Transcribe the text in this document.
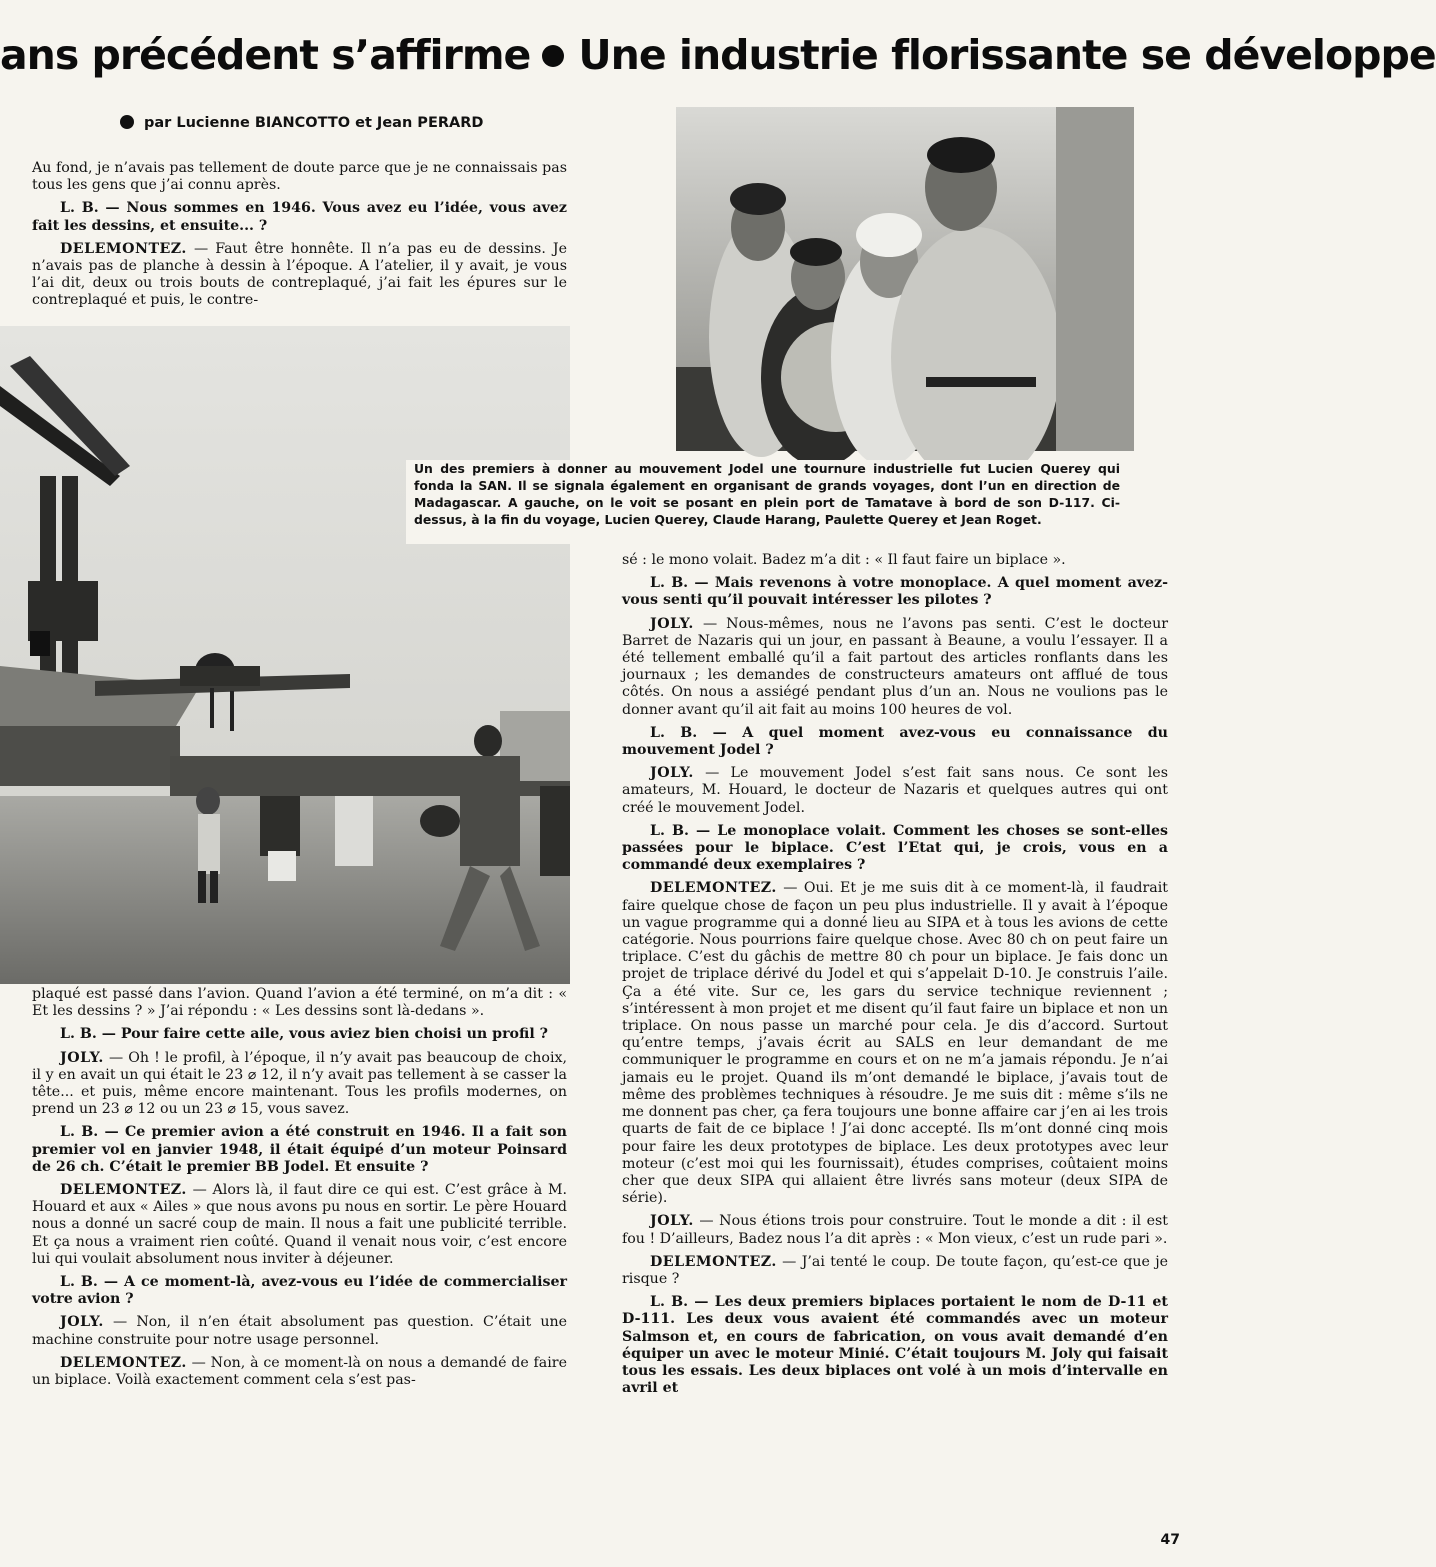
ans précédent s’affirme Une industrie florissante se développe
par Lucienne BIANCOTTO et Jean PERARD
Un des premiers à donner au mouvement Jodel une tournure industrielle fut Lucien Querey qui fonda la SAN. Il se signala également en organisant de grands voyages, dont l’un en direction de Madagascar. A gauche, on le voit se posant en plein port de Tamatave à bord de son D-117. Ci-dessus, à la fin du voyage, Lucien Querey, Claude Harang, Paulette Querey et Jean Roget.

Au fond, je n’avais pas tellement de doute parce que je ne connaissais pas tous les gens que j’ai connu après.

L. B. — Nous sommes en 1946. Vous avez eu l’idée, vous avez fait les dessins, et ensuite... ?

DELEMONTEZ. — Faut être honnête. Il n’a pas eu de dessins. Je n’avais pas de planche à dessin à l’époque. A l’atelier, il y avait, je vous l’ai dit, deux ou trois bouts de contreplaqué, j’ai fait les épures sur le contreplaqué et puis, le contre-

plaqué est passé dans l’avion. Quand l’avion a été terminé, on m’a dit : « Et les dessins ? » J’ai répondu : « Les dessins sont là-dedans ».

L. B. — Pour faire cette aile, vous aviez bien choisi un profil ?

JOLY. — Oh ! le profil, à l’époque, il n’y avait pas beaucoup de choix, il y en avait un qui était le 23 ⌀ 12, il n’y avait pas tellement à se casser la tête... et puis, même encore maintenant. Tous les profils modernes, on prend un 23 ⌀ 12 ou un 23 ⌀ 15, vous savez.

L. B. — Ce premier avion a été construit en 1946. Il a fait son premier vol en janvier 1948, il était équipé d’un moteur Poinsard de 26 ch. C’était le premier BB Jodel. Et ensuite ?

DELEMONTEZ. — Alors là, il faut dire ce qui est. C’est grâce à M. Houard et aux « Ailes » que nous avons pu nous en sortir. Le père Houard nous a donné un sacré coup de main. Il nous a fait une publicité terrible. Et ça nous a vraiment rien coûté. Quand il venait nous voir, c’est encore lui qui voulait absolument nous inviter à déjeuner.

L. B. — A ce moment-là, avez-vous eu l’idée de commercialiser votre avion ?

JOLY. — Non, il n’en était absolument pas question. C’était une machine construite pour notre usage personnel.

DELEMONTEZ. — Non, à ce moment-là on nous a demandé de faire un biplace. Voilà exactement comment cela s’est pas-

sé : le mono volait. Badez m’a dit : « Il faut faire un biplace ».

L. B. — Mais revenons à votre monoplace. A quel moment avez-vous senti qu’il pouvait intéresser les pilotes ?

JOLY. — Nous-mêmes, nous ne l’avons pas senti. C’est le docteur Barret de Nazaris qui un jour, en passant à Beaune, a voulu l’essayer. Il a été tellement emballé qu’il a fait partout des articles ronflants dans les journaux ; les demandes de constructeurs amateurs ont afflué de tous côtés. On nous a assiégé pendant plus d’un an. Nous ne voulions pas le donner avant qu’il ait fait au moins 100 heures de vol.

L. B. — A quel moment avez-vous eu connaissance du mouvement Jodel ?

JOLY. — Le mouvement Jodel s’est fait sans nous. Ce sont les amateurs, M. Houard, le docteur de Nazaris et quelques autres qui ont créé le mouvement Jodel.

L. B. — Le monoplace volait. Comment les choses se sont-elles passées pour le biplace. C’est l’Etat qui, je crois, vous en a commandé deux exemplaires ?

DELEMONTEZ. — Oui. Et je me suis dit à ce moment-là, il faudrait faire quelque chose de façon un peu plus industrielle. Il y avait à l’époque un vague programme qui a donné lieu au SIPA et à tous les avions de cette catégorie. Nous pourrions faire quelque chose. Avec 80 ch on peut faire un triplace. C’est du gâchis de mettre 80 ch pour un biplace. Je fais donc un projet de triplace dérivé du Jodel et qui s’appelait D-10. Je construis l’aile. Ça a été vite. Sur ce, les gars du service technique reviennent ; s’intéressent à mon projet et me disent qu’il faut faire un biplace et non un triplace. On nous passe un marché pour cela. Je dis d’accord. Surtout qu’entre temps, j’avais écrit au SALS en leur demandant de me communiquer le programme en cours et on ne m’a jamais répondu. Je n’ai jamais eu le projet. Quand ils m’ont demandé le biplace, j’avais tout de même des problèmes techniques à résoudre. Je me suis dit : même s’ils ne me donnent pas cher, ça fera toujours une bonne affaire car j’en ai les trois quarts de fait de ce biplace ! J’ai donc accepté. Ils m’ont donné cinq mois pour faire les deux prototypes de biplace. Les deux prototypes avec leur moteur (c’est moi qui les fournissait), études comprises, coûtaient moins cher que deux SIPA qui allaient être livrés sans moteur (deux SIPA de série).

JOLY. — Nous étions trois pour construire. Tout le monde a dit : il est fou ! D’ailleurs, Badez nous l’a dit après : « Mon vieux, c’est un rude pari ».

DELEMONTEZ. — J’ai tenté le coup. De toute façon, qu’est-ce que je risque ?

L. B. — Les deux premiers biplaces portaient le nom de D-11 et D-111. Les deux vous avaient été commandés avec un moteur Salmson et, en cours de fabrication, on vous avait demandé d’en équiper un avec le moteur Minié. C’était toujours M. Joly qui faisait tous les essais. Les deux biplaces ont volé à un mois d’intervalle en avril et

47
